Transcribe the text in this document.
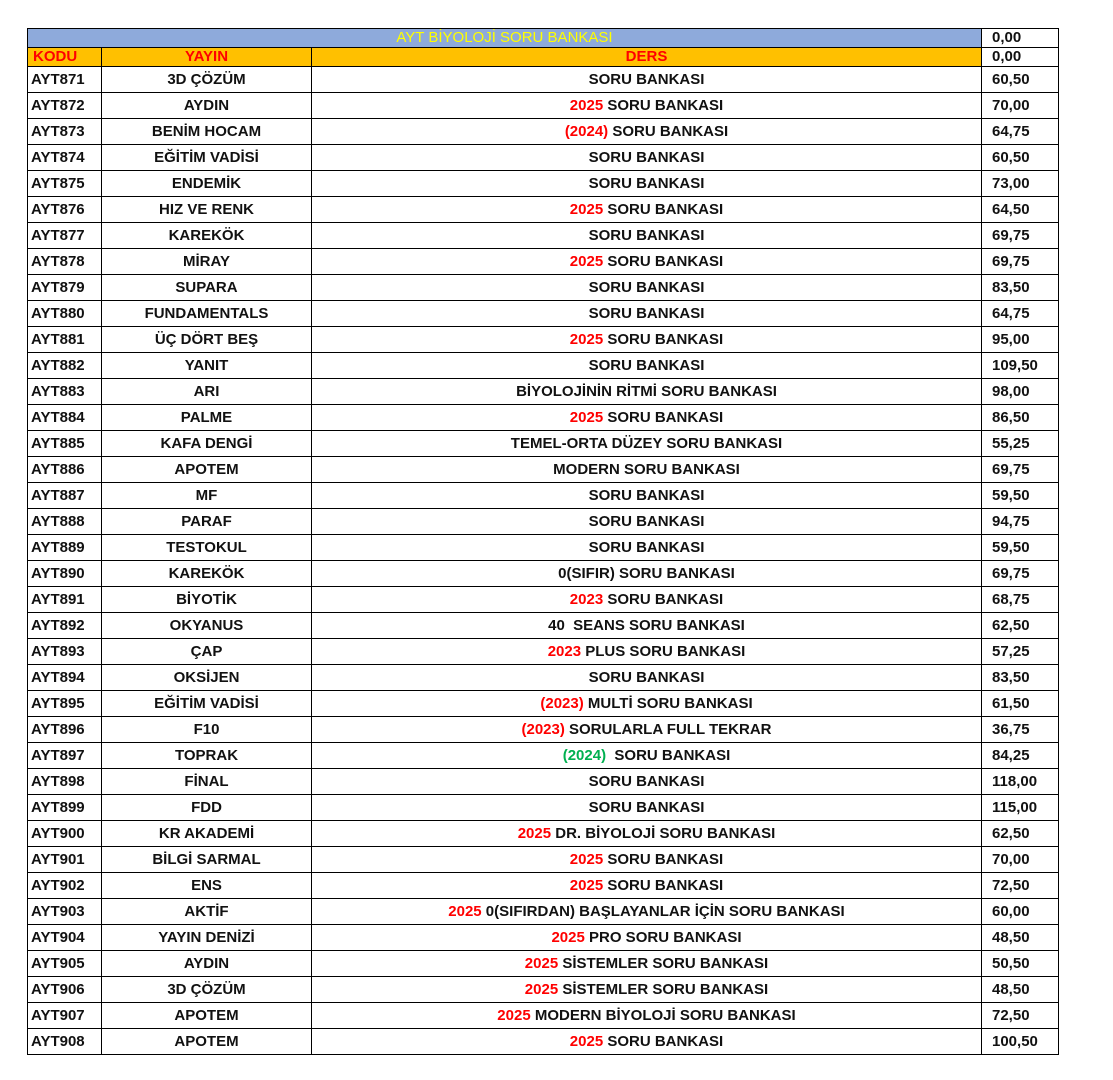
AYT BİYOLOJİ SORU BANKASI			0,00
KODU	YAYIN	DERS	0,00
AYT871	3D ÇÖZÜM	SORU BANKASI	60,50
AYT872	AYDIN	2025 SORU BANKASI	70,00
AYT873	BENİM HOCAM	(2024) SORU BANKASI	64,75
AYT874	EĞİTİM VADİSİ	SORU BANKASI	60,50
AYT875	ENDEMİK	SORU BANKASI	73,00
AYT876	HIZ VE RENK	2025 SORU BANKASI	64,50
AYT877	KAREKÖK	SORU BANKASI	69,75
AYT878	MİRAY	2025 SORU BANKASI	69,75
AYT879	SUPARA	SORU BANKASI	83,50
AYT880	FUNDAMENTALS	SORU BANKASI	64,75
AYT881	ÜÇ DÖRT BEŞ	2025 SORU BANKASI	95,00
AYT882	YANIT	SORU BANKASI	109,50
AYT883	ARI	BİYOLOJİNİN RİTMİ SORU BANKASI	98,00
AYT884	PALME	2025 SORU BANKASI	86,50
AYT885	KAFA DENGİ	TEMEL-ORTA DÜZEY SORU BANKASI	55,25
AYT886	APOTEM	MODERN SORU BANKASI	69,75
AYT887	MF	SORU BANKASI	59,50
AYT888	PARAF	SORU BANKASI	94,75
AYT889	TESTOKUL	SORU BANKASI	59,50
AYT890	KAREKÖK	0(SIFIR) SORU BANKASI	69,75
AYT891	BİYOTİK	2023 SORU BANKASI	68,75
AYT892	OKYANUS	40  SEANS SORU BANKASI	62,50
AYT893	ÇAP	2023 PLUS SORU BANKASI	57,25
AYT894	OKSİJEN	SORU BANKASI	83,50
AYT895	EĞİTİM VADİSİ	(2023) MULTİ SORU BANKASI	61,50
AYT896	F10	(2023) SORULARLA FULL TEKRAR	36,75
AYT897	TOPRAK	(2024)  SORU BANKASI	84,25
AYT898	FİNAL	SORU BANKASI	118,00
AYT899	FDD	SORU BANKASI	115,00
AYT900	KR AKADEMİ	2025 DR. BİYOLOJİ SORU BANKASI	62,50
AYT901	BİLGİ SARMAL	2025 SORU BANKASI	70,00
AYT902	ENS	2025 SORU BANKASI	72,50
AYT903	AKTİF	2025 0(SIFIRDAN) BAŞLAYANLAR İÇİN SORU BANKASI	60,00
AYT904	YAYIN DENİZİ	2025 PRO SORU BANKASI	48,50
AYT905	AYDIN	2025 SİSTEMLER SORU BANKASI	50,50
AYT906	3D ÇÖZÜM	2025 SİSTEMLER SORU BANKASI	48,50
AYT907	APOTEM	2025 MODERN BİYOLOJİ SORU BANKASI	72,50
AYT908	APOTEM	2025 SORU BANKASI	100,50
